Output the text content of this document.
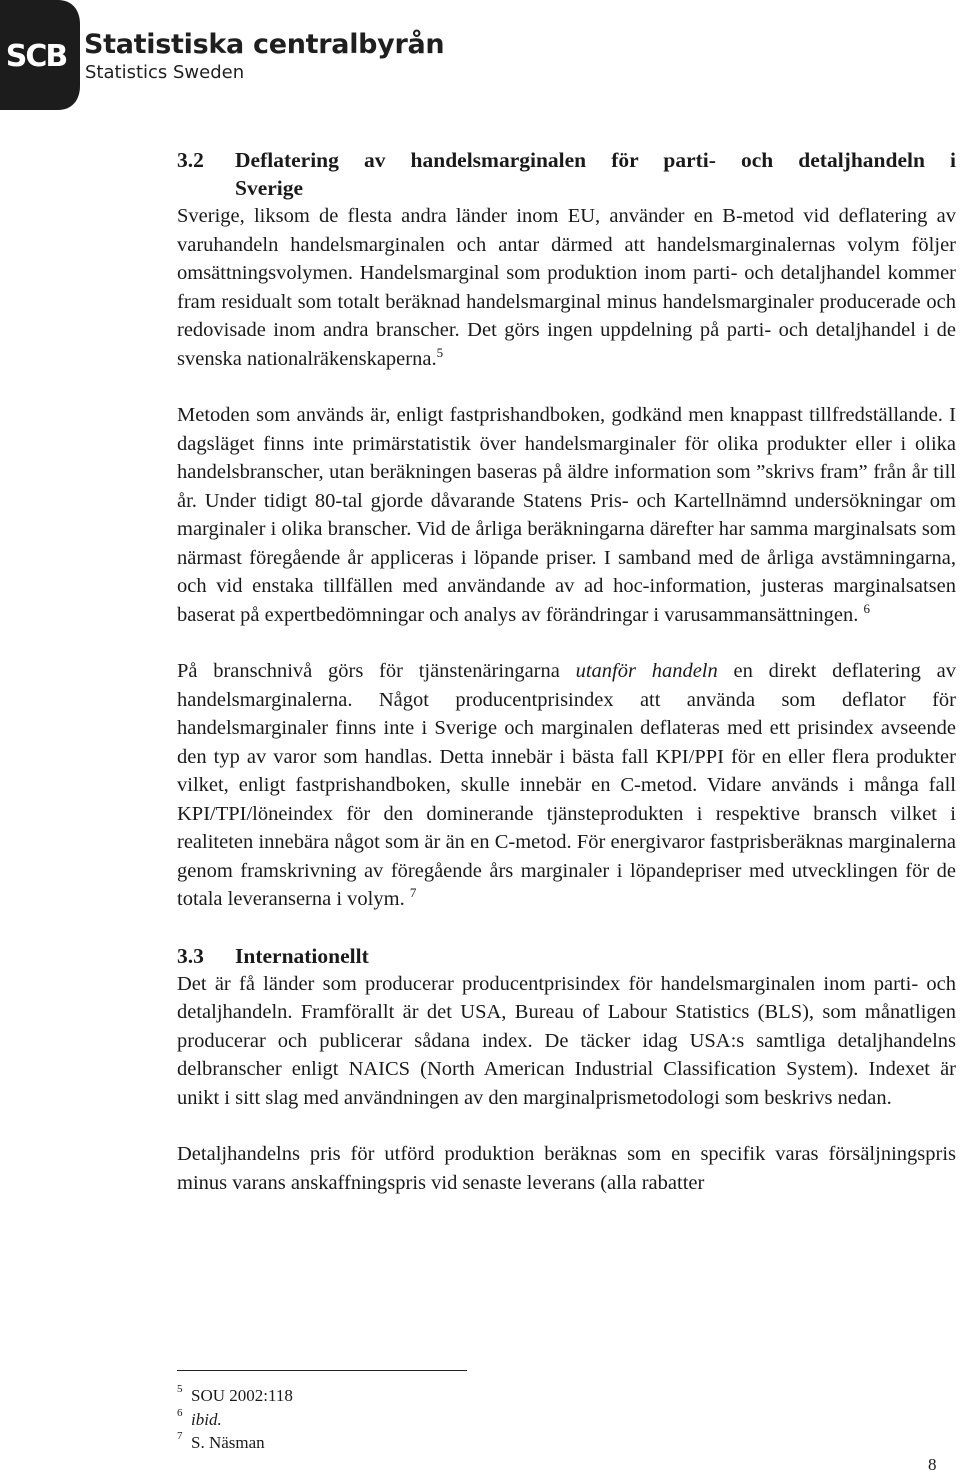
SCB Statistiska centralbyrån
Statistics Sweden
3.2	Deflatering av handelsmarginalen för parti- och detaljhandeln i
Sverige

Sverige, liksom de flesta andra länder inom EU, använder en B-metod vid deflatering av varuhandeln handelsmarginalen och antar därmed att handelsmarginalernas volym följer omsättningsvolymen. Handelsmarginal som produktion inom parti- och detaljhandel kommer fram residualt som totalt beräknad handelsmarginal minus handelsmarginaler producerade och redovisade inom andra branscher. Det görs ingen uppdelning på parti- och detaljhandel i de svenska nationalräkenskaperna.$^5$

Metoden som används är, enligt fastprishandboken, godkänd men knappast tillfredställande. I dagsläget finns inte primärstatistik över handelsmarginaler för olika produkter eller i olika handelsbranscher, utan beräkningen baseras på äldre information som ”skrivs fram” från år till år. Under tidigt 80-tal gjorde dåvarande Statens Pris- och Kartellnämnd undersökningar om marginaler i olika branscher. Vid de årliga beräkningarna därefter har samma marginalsats som närmast föregående år appliceras i löpande priser. I samband med de årliga avstämningarna, och vid enstaka tillfällen med användande av ad hoc-information, justeras marginalsatsen baserat på expertbedömningar och analys av förändringar i varusammansättningen. $^6$

På branschnivå görs för tjänstenäringarna utanför handeln en direkt deflatering av handelsmarginalerna. Något producentprisindex att använda som deflator för handelsmarginaler finns inte i Sverige och marginalen deflateras med ett prisindex avseende den typ av varor som handlas. Detta innebär i bästa fall KPI/PPI för en eller flera produkter vilket, enligt fastprishandboken, skulle innebär en C-metod. Vidare används i många fall KPI/TPI/löneindex för den dominerande tjänsteprodukten i respektive bransch vilket i realiteten innebära något som är än en C-metod. För energivaror fastprisberäknas marginalerna genom framskrivning av föregående års marginaler i löpandepriser med utvecklingen för de totala leveranserna i volym. $^7$

3.3	Internationellt

Det är få länder som producerar producentprisindex för handelsmarginalen inom parti- och detaljhandeln. Framförallt är det USA, Bureau of Labour Statistics (BLS), som månatligen producerar och publicerar sådana index. De täcker idag USA:s samtliga detaljhandelns delbranscher enligt NAICS (North American Industrial Classification System). Indexet är unikt i sitt slag med användningen av den marginalprismetodologi som beskrivs nedan.

Detaljhandelns pris för utförd produktion beräknas som en specifik varas försäljningspris minus varans anskaffningspris vid senaste leverans (alla rabatter

5 SOU 2002:118
6 ibid.
7 S. Näsman
8
